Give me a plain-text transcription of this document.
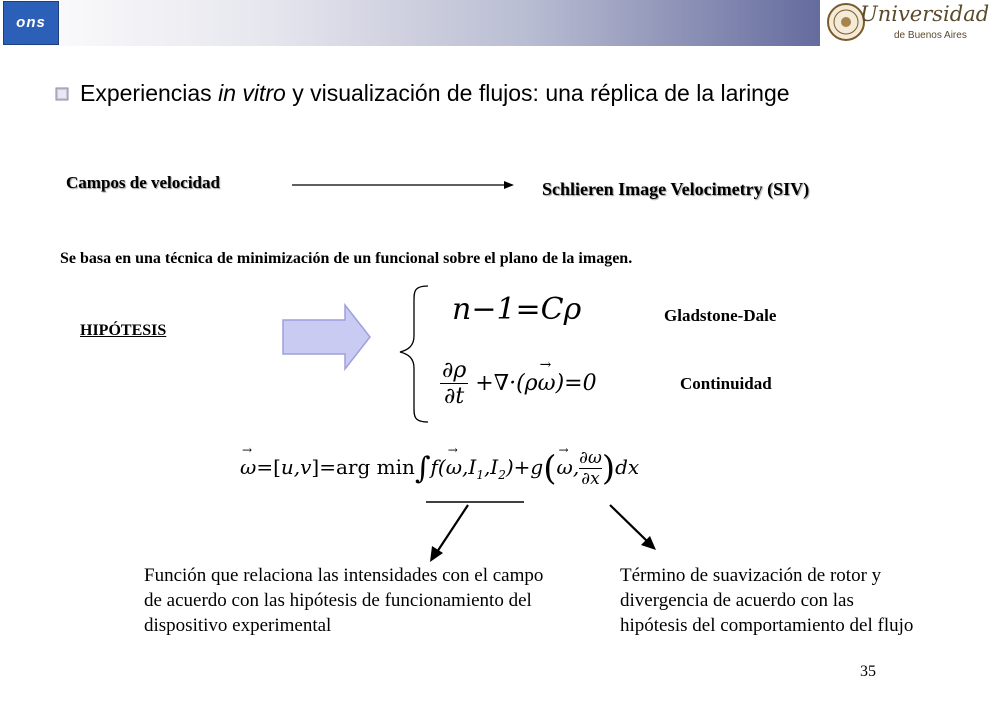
ons	Universidad
de Buenos Aires
Experiencias in vitro y visualización de flujos: una réplica de la laringe
Campos de velocidad	Schlieren Image Velocimetry (SIV)
Se basa en una técnica de minimización de un funcional sobre el plano de la imagen.
HIPÓTESIS
Gladstone-Dale
Continuidad
n−1=Cρ
$\frac{\partial\rho}{\partial t} +\nabla\cdot(\rho\omega$
→
)=0
ω
→
=[u,v]=arg min∫f(ω
→
$,I_1,I_2)+g(\omega$
→
, $\frac{\partial\omega}{\partial x} )dx$
Función que relaciona las intensidades con el campo de acuerdo con las hipótesis de funcionamiento del dispositivo experimental
Término de suavización de rotor y divergencia de acuerdo con las hipótesis del comportamiento del flujo
35
